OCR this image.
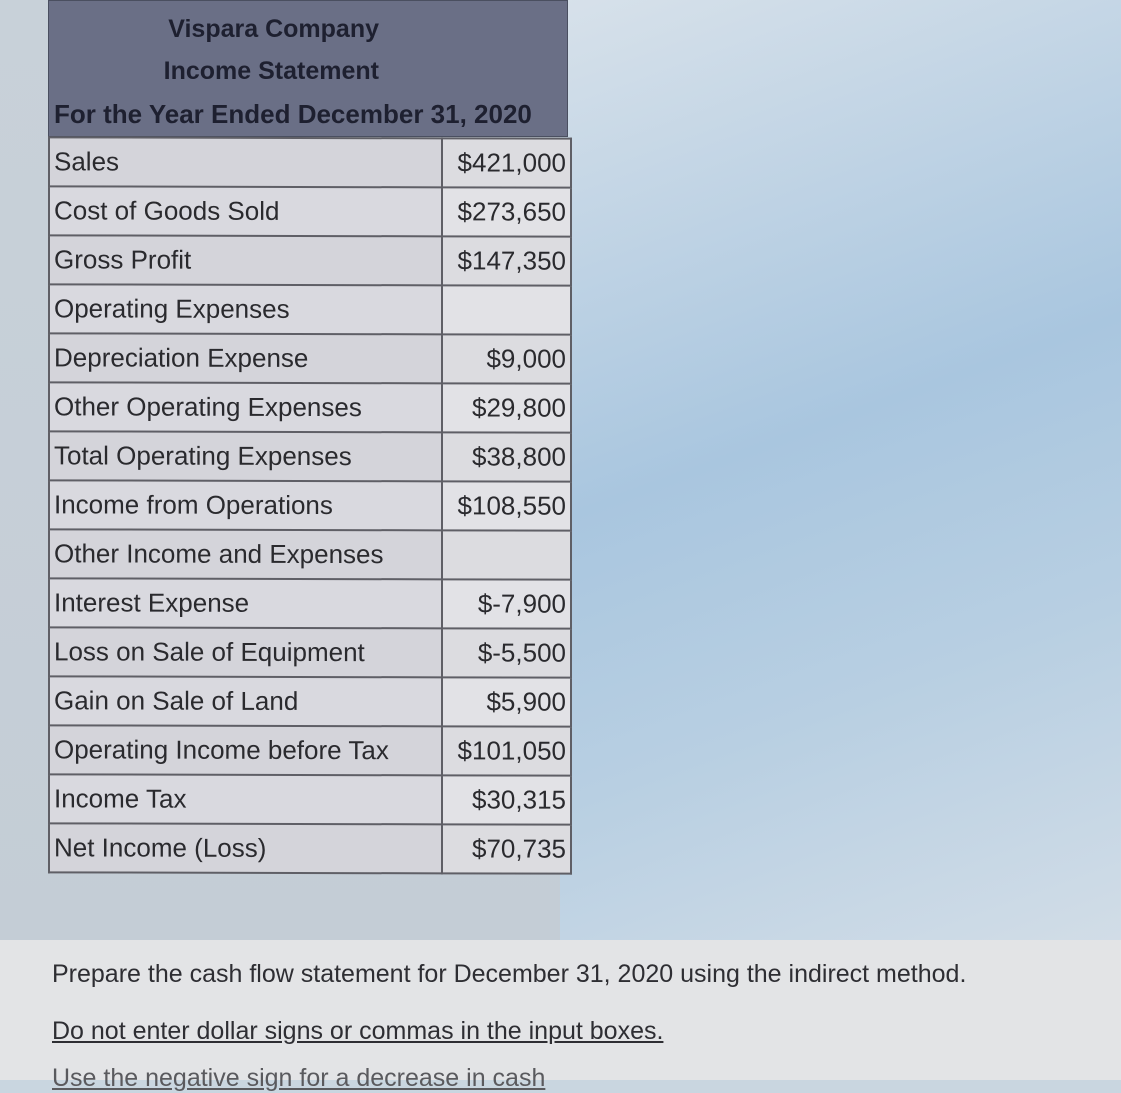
Vispara Company
Income Statement
For the Year Ended December 31, 2020
Sales	$421,000
Cost of Goods Sold	$273,650
Gross Profit	$147,350
Operating Expenses	
Depreciation Expense	$9,000
Other Operating Expenses	$29,800
Total Operating Expenses	$38,800
Income from Operations	$108,550
Other Income and Expenses	
Interest Expense	$-7,900
Loss on Sale of Equipment	$-5,500
Gain on Sale of Land	$5,900
Operating Income before Tax	$101,050
Income Tax	$30,315
Net Income (Loss)	$70,735
Prepare the cash flow statement for December 31, 2020 using the indirect method.
Do not enter dollar signs or commas in the input boxes.
Use the negative sign for a decrease in cash
